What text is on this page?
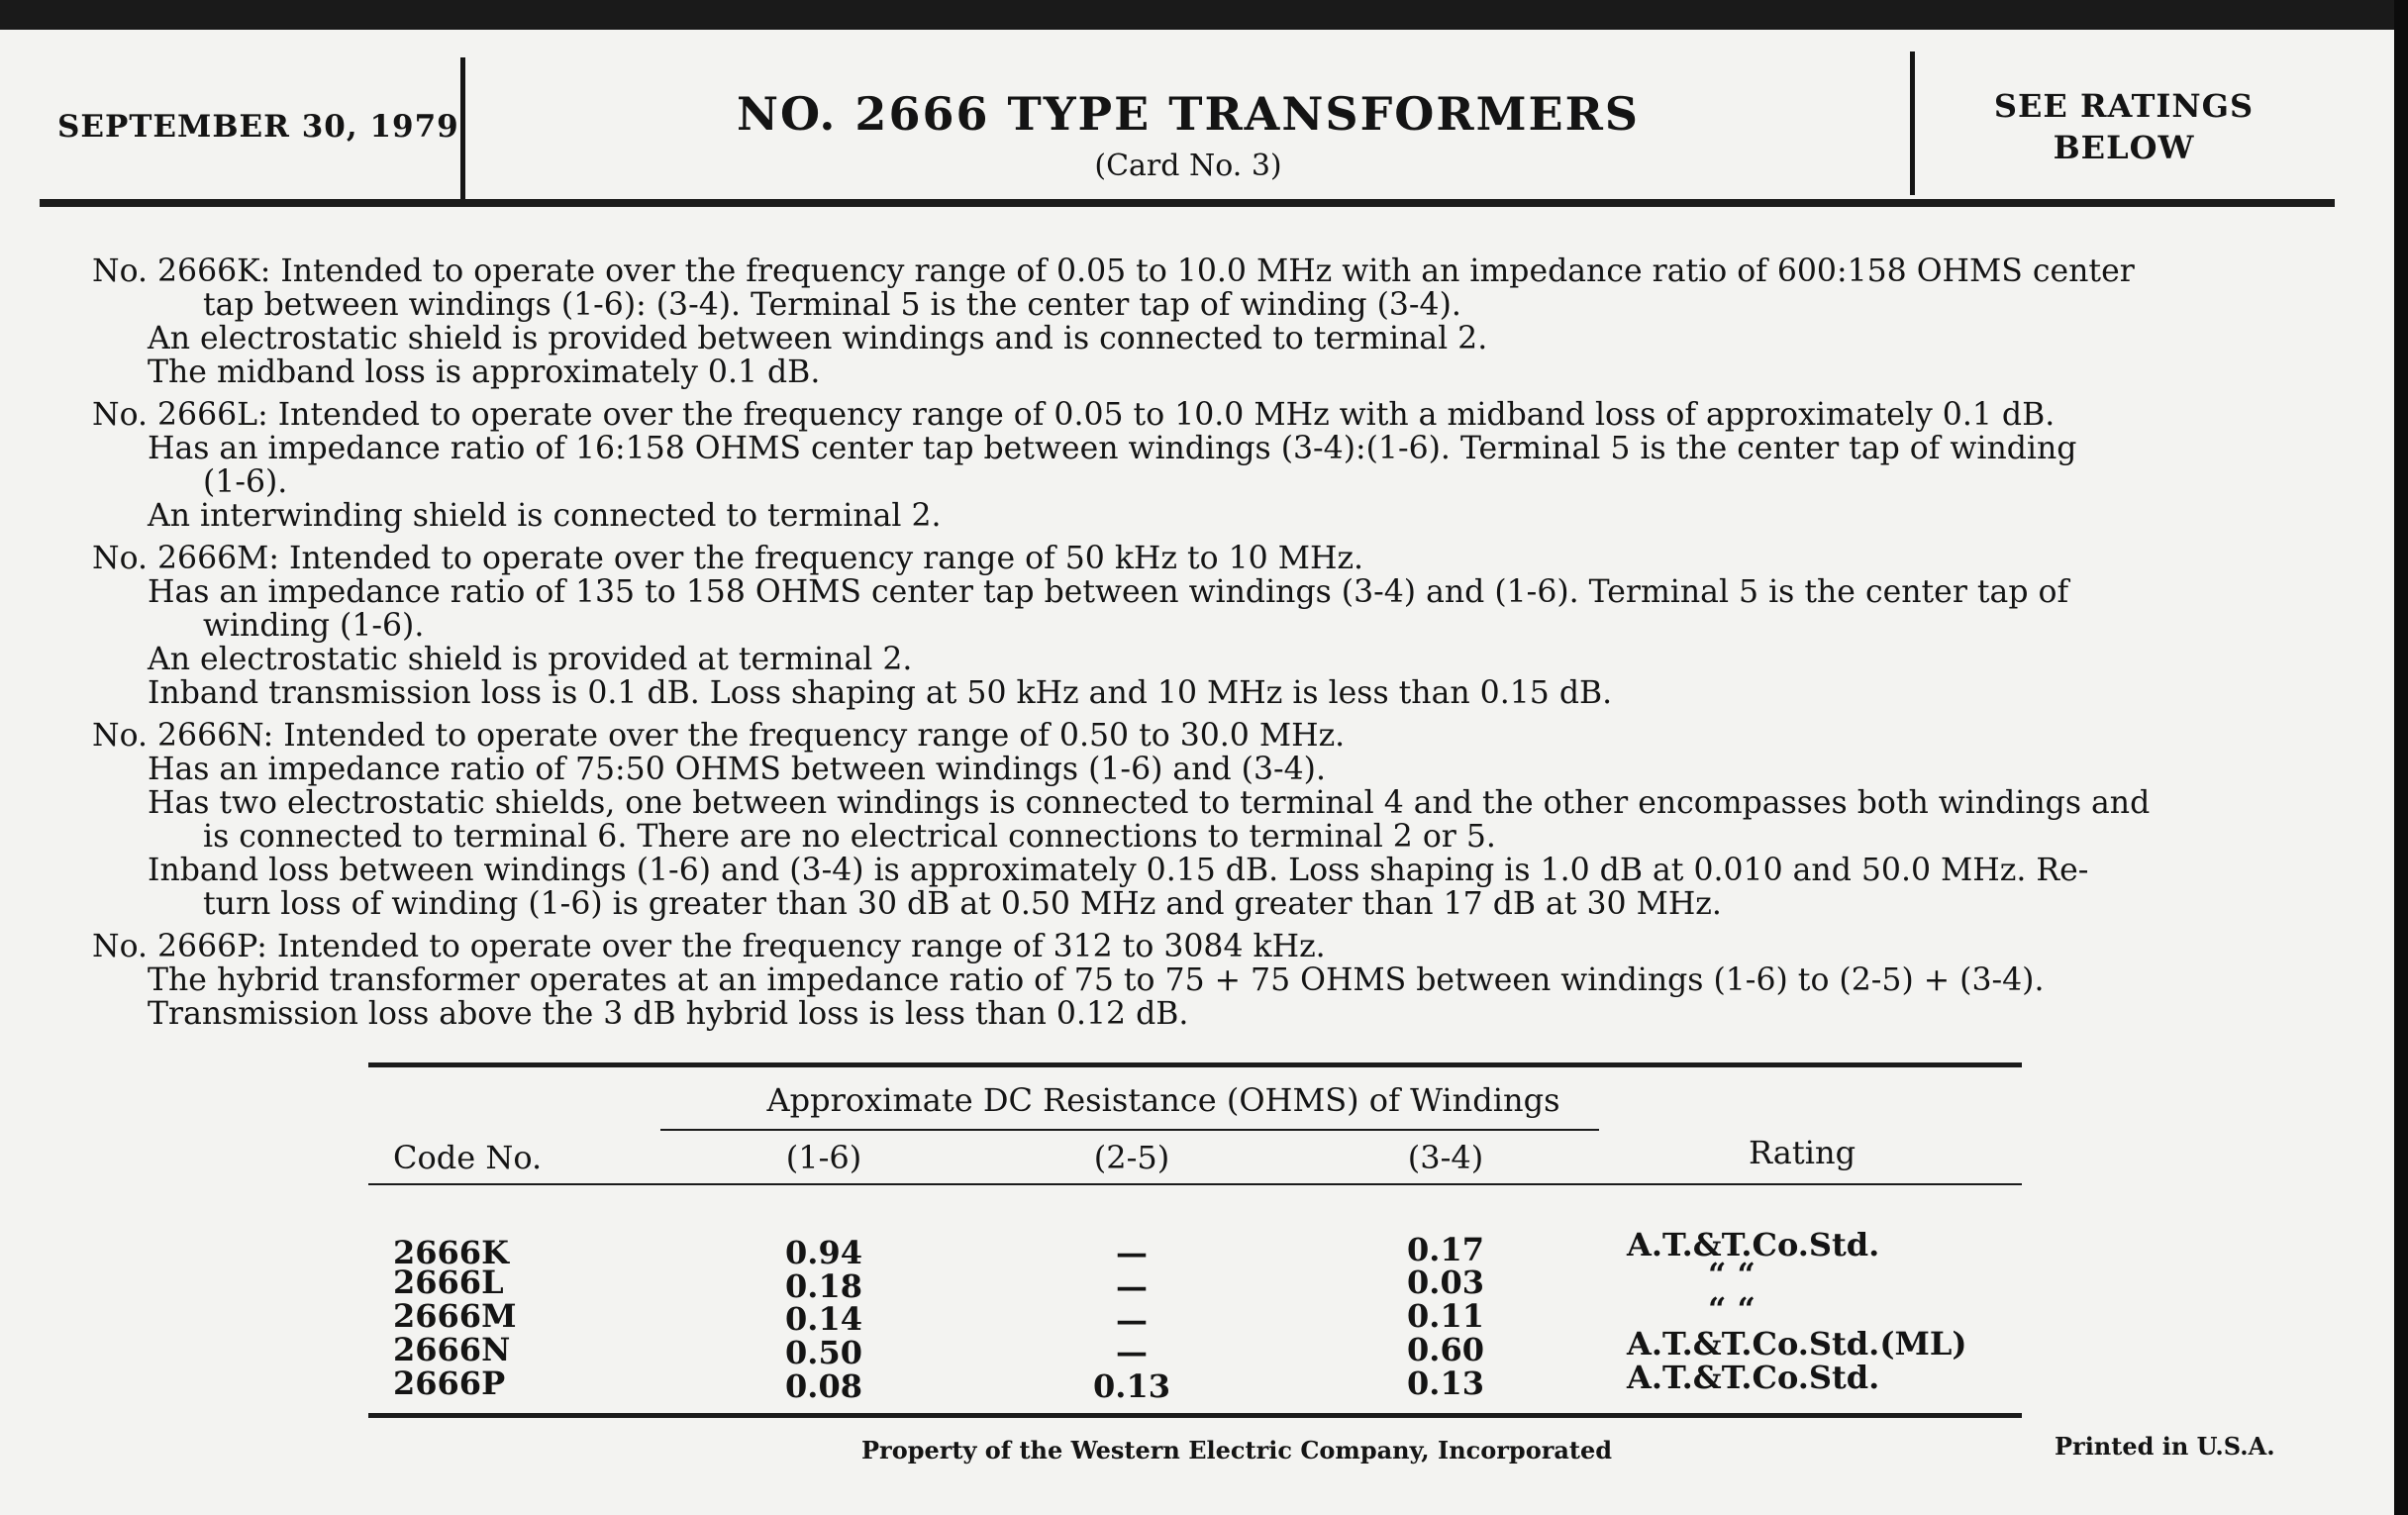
SEPTEMBER 30, 1979	NO. 2666 TYPE TRANSFORMERS
(Card No. 3)
SEE RATINGS
BELOW
No. 2666K: Intended to operate over the frequency range of 0.05 to 10.0 MHz with an impedance ratio of 600:158 OHMS center
tap between windings (1-6): (3-4). Terminal 5 is the center tap of winding (3-4).
An electrostatic shield is provided between windings and is connected to terminal 2.
The midband loss is approximately 0.1 dB.
No. 2666L: Intended to operate over the frequency range of 0.05 to 10.0 MHz with a midband loss of approximately 0.1 dB.
Has an impedance ratio of 16:158 OHMS center tap between windings (3-4):(1-6). Terminal 5 is the center tap of winding
(1-6).
An interwinding shield is connected to terminal 2.
No. 2666M: Intended to operate over the frequency range of 50 kHz to 10 MHz.
Has an impedance ratio of 135 to 158 OHMS center tap between windings (3-4) and (1-6). Terminal 5 is the center tap of
winding (1-6).
An electrostatic shield is provided at terminal 2.
Inband transmission loss is 0.1 dB. Loss shaping at 50 kHz and 10 MHz is less than 0.15 dB.
No. 2666N: Intended to operate over the frequency range of 0.50 to 30.0 MHz.
Has an impedance ratio of 75:50 OHMS between windings (1-6) and (3-4).
Has two electrostatic shields, one between windings is connected to terminal 4 and the other encompasses both windings and
is connected to terminal 6. There are no electrical connections to terminal 2 or 5.
Inband loss between windings (1-6) and (3-4) is approximately 0.15 dB. Loss shaping is 1.0 dB at 0.010 and 50.0 MHz. Re-
turn loss of winding (1-6) is greater than 30 dB at 0.50 MHz and greater than 17 dB at 30 MHz.
No. 2666P: Intended to operate over the frequency range of 312 to 3084 kHz.
The hybrid transformer operates at an impedance ratio of 75 to 75 + 75 OHMS between windings (1-6) to (2-5) + (3-4).
Transmission loss above the 3 dB hybrid loss is less than 0.12 dB.
Approximate DC Resistance (OHMS) of Windings
Code No.	(1-6)	(2-5)	(3-4)	Rating
2666K	0.94	—	0.17	A.T.&T.Co.Std.
2666L	0.18	—	0.03	“ “
2666M	0.14	—	0.11	“ “
2666N	0.50	—	0.60	A.T.&T.Co.Std.(ML)
2666P	0.08	0.13	0.13	A.T.&T.Co.Std.
Property of the Western Electric Company, Incorporated	Printed in U.S.A.
